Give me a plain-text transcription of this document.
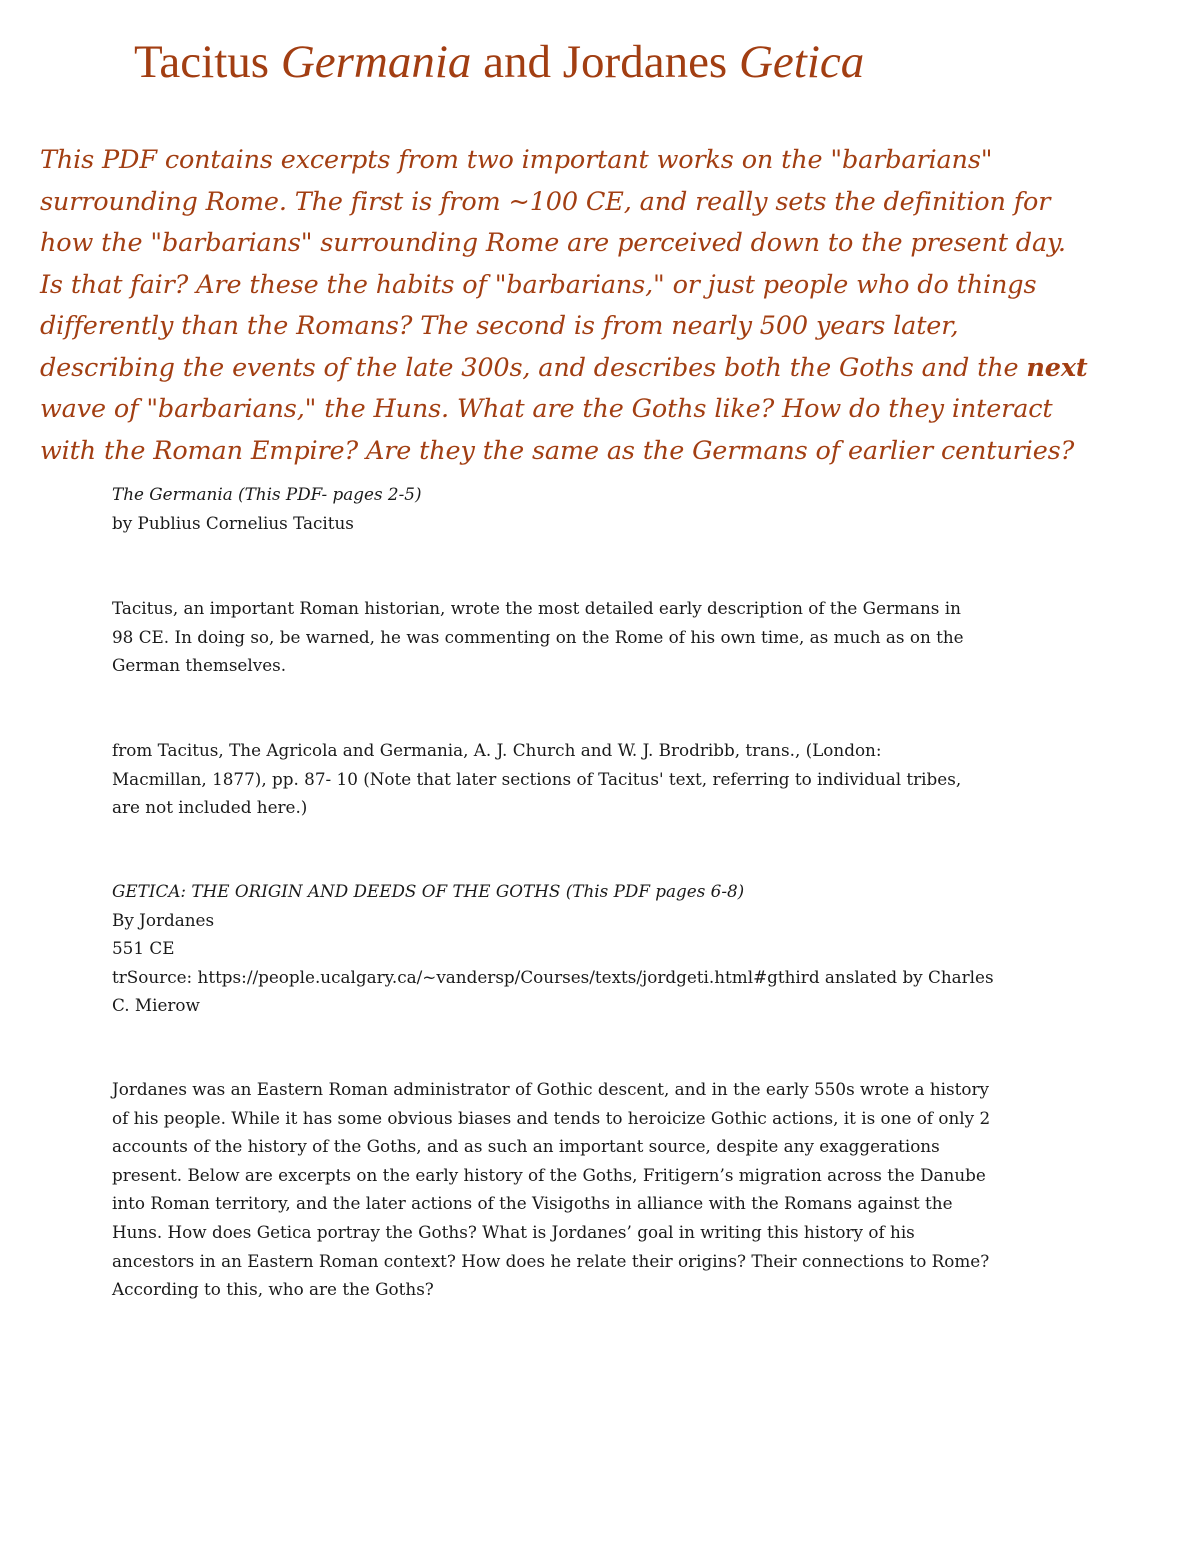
Tacitus Germania and Jordanes Getica
This PDF contains excerpts from two important works on the "barbarians"
surrounding Rome. The first is from ~100 CE, and really sets the definition for
how the "barbarians" surrounding Rome are perceived down to the present day.
Is that fair? Are these the habits of "barbarians," or just people who do things
differently than the Romans? The second is from nearly 500 years later,
describing the events of the late 300s, and describes both the Goths and the next
wave of "barbarians," the Huns. What are the Goths like? How do they interact
with the Roman Empire? Are they the same as the Germans of earlier centuries?
The Germania (This PDF- pages 2-5)
by Publius Cornelius Tacitus
Tacitus, an important Roman historian, wrote the most detailed early description of the Germans in
98 CE. In doing so, be warned, he was commenting on the Rome of his own time, as much as on the
German themselves.
from Tacitus, The Agricola and Germania, A. J. Church and W. J. Brodribb, trans., (London:
Macmillan, 1877), pp. 87- 10 (Note that later sections of Tacitus' text, referring to individual tribes,
are not included here.)
GETICA: THE ORIGIN AND DEEDS OF THE GOTHS (This PDF pages 6-8)
By Jordanes
551 CE
trSource: https://people.ucalgary.ca/~vandersp/Courses/texts/jordgeti.html#gthird anslated by Charles
C. Mierow
Jordanes was an Eastern Roman administrator of Gothic descent, and in the early 550s wrote a history
of his people. While it has some obvious biases and tends to heroicize Gothic actions, it is one of only 2
accounts of the history of the Goths, and as such an important source, despite any exaggerations
present. Below are excerpts on the early history of the Goths, Fritigern’s migration across the Danube
into Roman territory, and the later actions of the Visigoths in alliance with the Romans against the
Huns. How does Getica portray the Goths? What is Jordanes’ goal in writing this history of his
ancestors in an Eastern Roman context? How does he relate their origins? Their connections to Rome?
According to this, who are the Goths?
